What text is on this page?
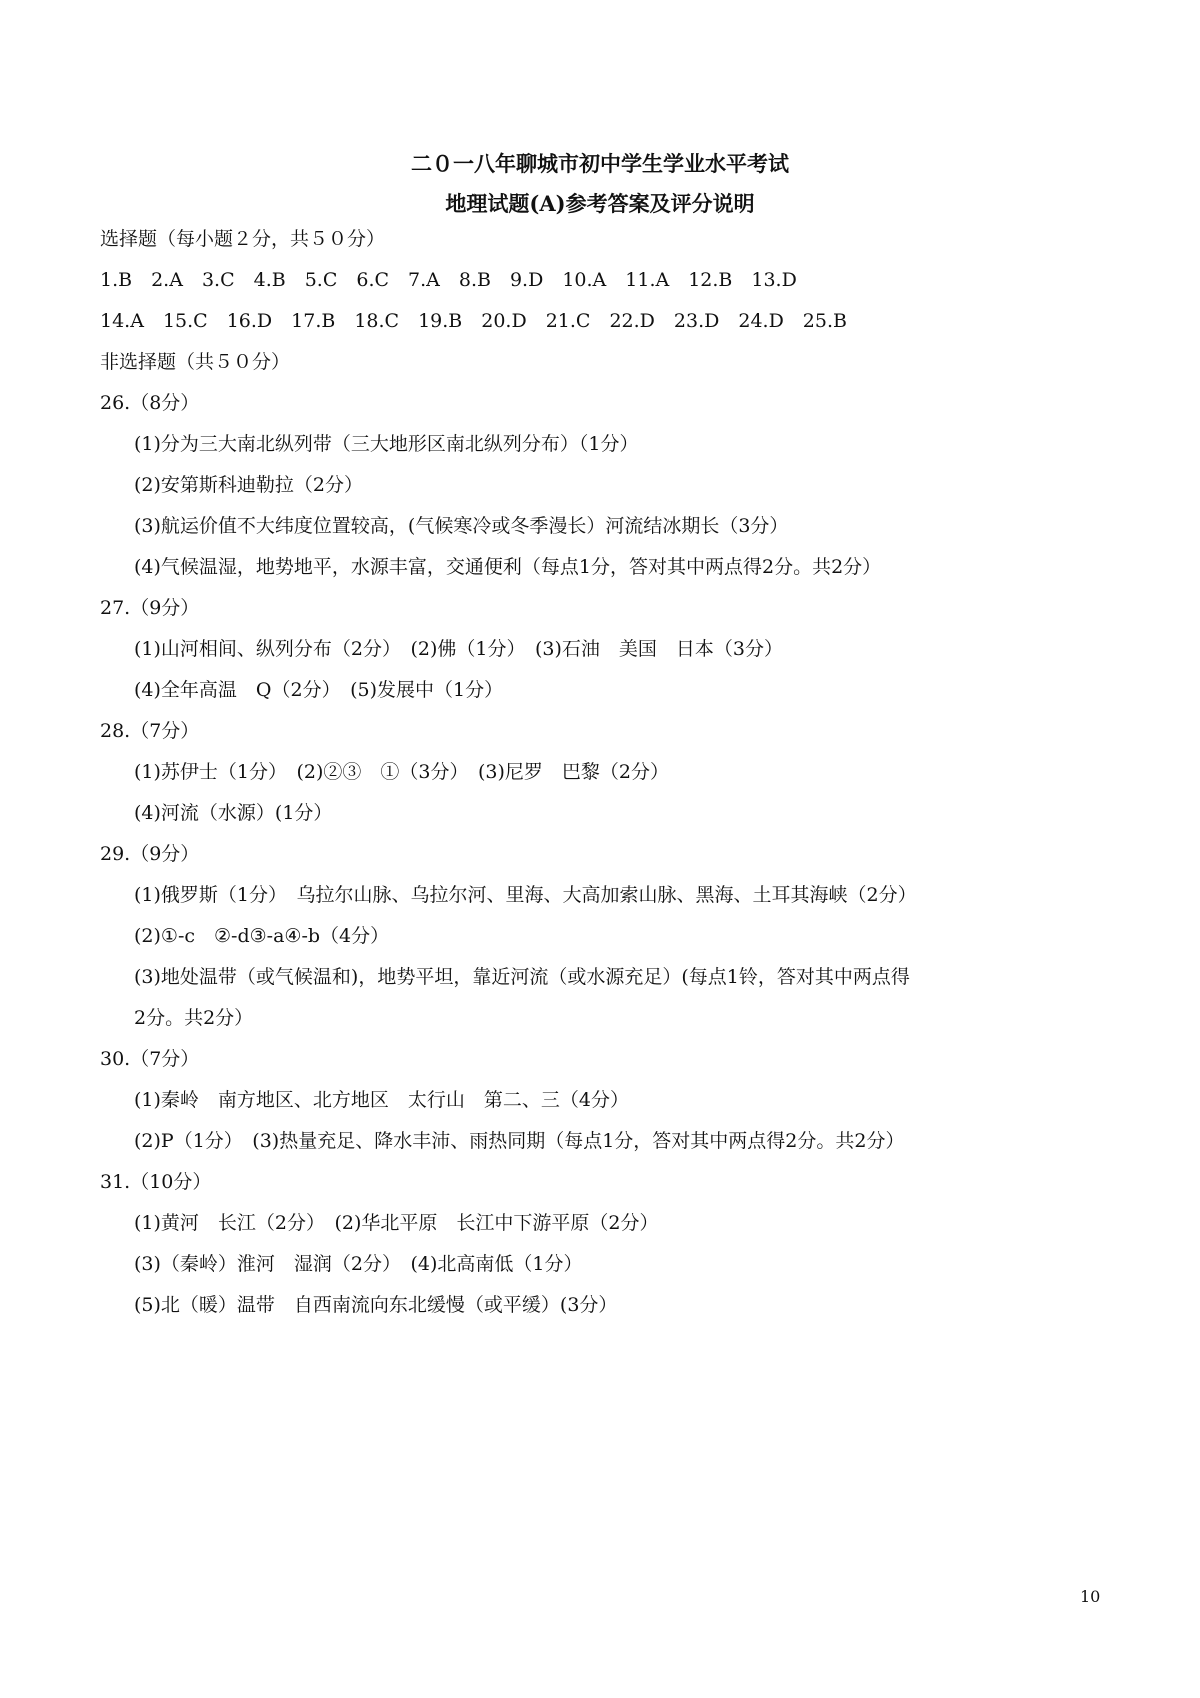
二０一八年聊城市初中学生学业水平考试
地理试题(A)参考答案及评分说明
选择题（每小题２分，共５０分）
1.B　2.A　3.C　4.B　5.C　6.C　7.A　8.B　9.D　10.A　11.A　12.B　13.D
14.A　15.C　16.D　17.B　18.C　19.B　20.D　21.C　22.D　23.D　24.D　25.B
非选择题（共５０分）
26.（8分）
(1)分为三大南北纵列带（三大地形区南北纵列分布）（1分）
(2)安第斯科迪勒拉（2分）
(3)航运价值不大纬度位置较高，(气候寒冷或冬季漫长）河流结冰期长（3分）
(4)气候温湿，地势地平，水源丰富，交通便利（每点1分，答对其中两点得2分。共2分）
27.（9分）
(1)山河相间、纵列分布（2分）　(2)佛（1分）　(3)石油　美国　日本（3分）
(4)全年高温　Q（2分）　(5)发展中（1分）
28.（7分）
(1)苏伊士（1分）　(2)②③　①（3分）　(3)尼罗　巴黎（2分）
(4)河流（水源）(1分）
29.（9分）
(1)俄罗斯（1分）　乌拉尔山脉、乌拉尔河、里海、大高加索山脉、黑海、土耳其海峡（2分）
(2)①-c　②-d③-a④-b（4分）
(3)地处温带（或气候温和)，地势平坦，靠近河流（或水源充足）(每点1铃，答对其中两点得
2分。共2分）
30.（7分）
(1)秦岭　南方地区、北方地区　太行山　第二、三（4分）
(2)P（1分）　(3)热量充足、降水丰沛、雨热同期（每点1分，答对其中两点得2分。共2分）
31.（10分）
(1)黄河　长江（2分）　(2)华北平原　长江中下游平原（2分）
(3)（秦岭）淮河　湿润（2分）　(4)北高南低（1分）
(5)北（暖）温带　自西南流向东北缓慢（或平缓）(3分）
10
